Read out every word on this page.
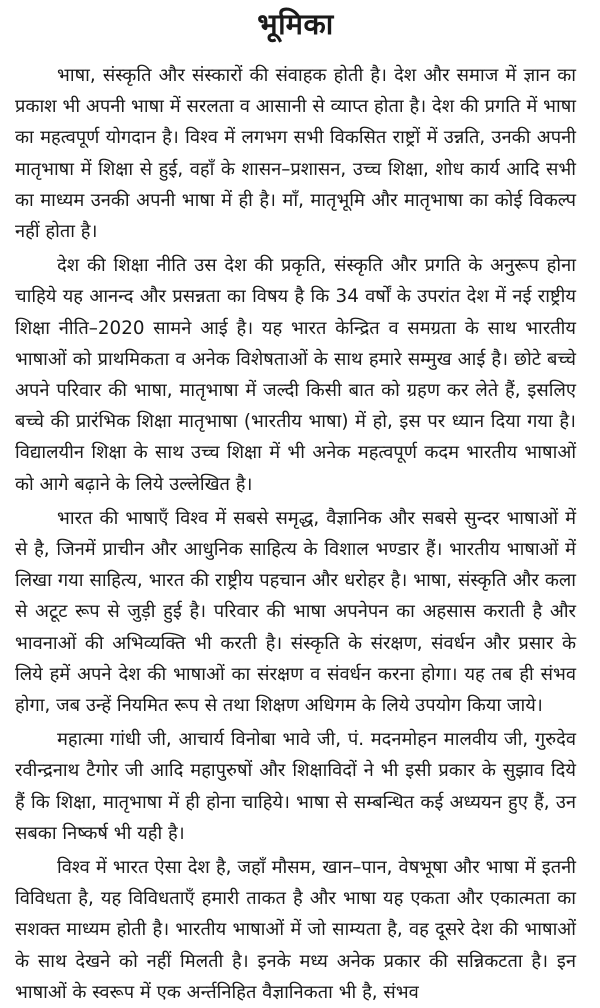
भूमिका

भाषा, संस्कृति और संस्कारों की संवाहक होती है। देश और समाज में ज्ञान का प्रकाश भी अपनी भाषा में सरलता व आसानी से व्याप्त होता है। देश की प्रगति में भाषा का महत्वपूर्ण योगदान है। विश्व में लगभग सभी विकसित राष्ट्रों में उन्नति, उनकी अपनी मातृभाषा में शिक्षा से हुई, वहाँ के शासन–प्रशासन, उच्च शिक्षा, शोध कार्य आदि सभी का माध्यम उनकी अपनी भाषा में ही है। माँ, मातृभूमि और मातृभाषा का कोई विकल्प नहीं होता है।

देश की शिक्षा नीति उस देश की प्रकृति, संस्कृति और प्रगति के अनुरूप होना चाहिये यह आनन्द और प्रसन्नता का विषय है कि 34 वर्षों के उपरांत देश में नई राष्ट्रीय शिक्षा नीति–2020 सामने आई है। यह भारत केन्द्रित व समग्रता के साथ भारतीय भाषाओं को प्राथमिकता व अनेक विशेषताओं के साथ हमारे सम्मुख आई है। छोटे बच्चे अपने परिवार की भाषा, मातृभाषा में जल्दी किसी बात को ग्रहण कर लेते हैं, इसलिए बच्चे की प्रारंभिक शिक्षा मातृभाषा (भारतीय भाषा) में हो, इस पर ध्यान दिया गया है। विद्यालयीन शिक्षा के साथ उच्च शिक्षा में भी अनेक महत्वपूर्ण कदम भारतीय भाषाओं को आगे बढ़ाने के लिये उल्लेखित है।

भारत की भाषाएँ विश्व में सबसे समृद्ध, वैज्ञानिक और सबसे सुन्दर भाषाओं में से है, जिनमें प्राचीन और आधुनिक साहित्य के विशाल भण्डार हैं। भारतीय भाषाओं में लिखा गया साहित्य, भारत की राष्ट्रीय पहचान और धरोहर है। भाषा, संस्कृति और कला से अटूट रूप से जुड़ी हुई है। परिवार की भाषा अपनेपन का अहसास कराती है और भावनाओं की अभिव्यक्ति भी करती है। संस्कृति के संरक्षण, संवर्धन और प्रसार के लिये हमें अपने देश की भाषाओं का संरक्षण व संवर्धन करना होगा। यह तब ही संभव होगा, जब उन्हें नियमित रूप से तथा शिक्षण अधिगम के लिये उपयोग किया जाये।

महात्मा गांधी जी, आचार्य विनोबा भावे जी, पं. मदनमोहन मालवीय जी, गुरुदेव रवीन्द्रनाथ टैगोर जी आदि महापुरुषों और शिक्षाविदों ने भी इसी प्रकार के सुझाव दिये हैं कि शिक्षा, मातृभाषा में ही होना चाहिये। भाषा से सम्बन्धित कई अध्ययन हुए हैं, उन सबका निष्कर्ष भी यही है।

विश्व में भारत ऐसा देश है, जहाँ मौसम, खान–पान, वेषभूषा और भाषा में इतनी विविधता है, यह विविधताएँ हमारी ताकत है और भाषा यह एकता और एकात्मता का सशक्त माध्यम होती है। भारतीय भाषाओं में जो साम्यता है, वह दूसरे देश की भाषाओं के साथ देखने को नहीं मिलती है। इनके मध्य अनेक प्रकार की सन्निकटता है। इन भाषाओं के स्वरूप में एक अर्न्तनिहित वैज्ञानिकता भी है, संभव
